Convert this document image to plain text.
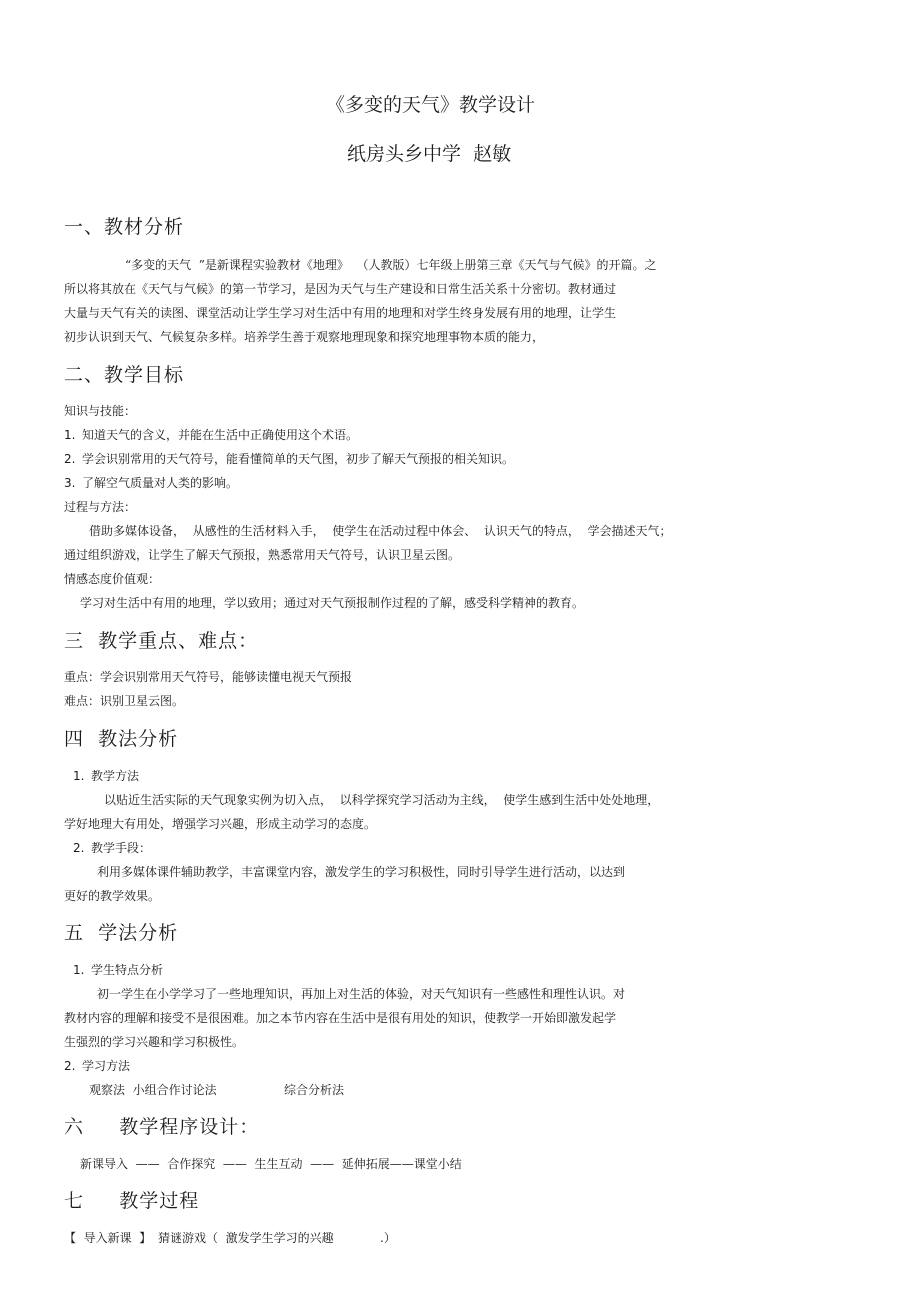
《多变的天气》教学设计
纸房头乡中学  赵敏
一、教材分析
“多变的天气  ”是新课程实验教材《地理》  （人教版）七年级上册第三章《天气与气候》的开篇。之
所以将其放在《天气与气候》的第一节学习，是因为天气与生产建设和日常生活关系十分密切。教材通过
大量与天气有关的读图、课堂活动让学生学习对生活中有用的地理和对学生终身发展有用的地理，让学生
初步认识到天气、气候复杂多样。培养学生善于观察地理现象和探究地理事物本质的能力，
二、教学目标
知识与技能：
1. 知道天气的含义，并能在生活中正确使用这个术语。
2. 学会识别常用的天气符号，能看懂简单的天气图，初步了解天气预报的相关知识。
3. 了解空气质量对人类的影响。
过程与方法：
借助多媒体设备，  从感性的生活材料入手，  使学生在活动过程中体会、  认识天气的特点，  学会描述天气；
通过组织游戏，让学生了解天气预报，熟悉常用天气符号，认识卫星云图。
情感态度价值观：
学习对生活中有用的地理，学以致用；通过对天气预报制作过程的了解，感受科学精神的教育。
三  教学重点、难点：
重点：学会识别常用天气符号，能够读懂电视天气预报
难点：识别卫星云图。
四  教法分析
1. 教学方法
以贴近生活实际的天气现象实例为切入点，  以科学探究学习活动为主线，  使学生感到生活中处处地理，
学好地理大有用处，增强学习兴趣，形成主动学习的态度。
2. 教学手段：
利用多媒体课件辅助教学，丰富课堂内容，激发学生的学习积极性，同时引导学生进行活动，以达到
更好的教学效果。
五  学法分析
1. 学生特点分析
初一学生在小学学习了一些地理知识，再加上对生活的体验，对天气知识有一些感性和理性认识。对
教材内容的理解和接受不是很困难。加之本节内容在生活中是很有用处的知识，使教学一开始即激发起学
生强烈的学习兴趣和学习积极性。
2. 学习方法
观察法  小组合作讨论法	综合分析法
六     教学程序设计：
新课导入  ——  合作探究  ——  生生互动  ——  延伸拓展——课堂小结
七     教学过程
【  导入新课  】 猜谜游戏（  激发学生学习的兴趣	.）
